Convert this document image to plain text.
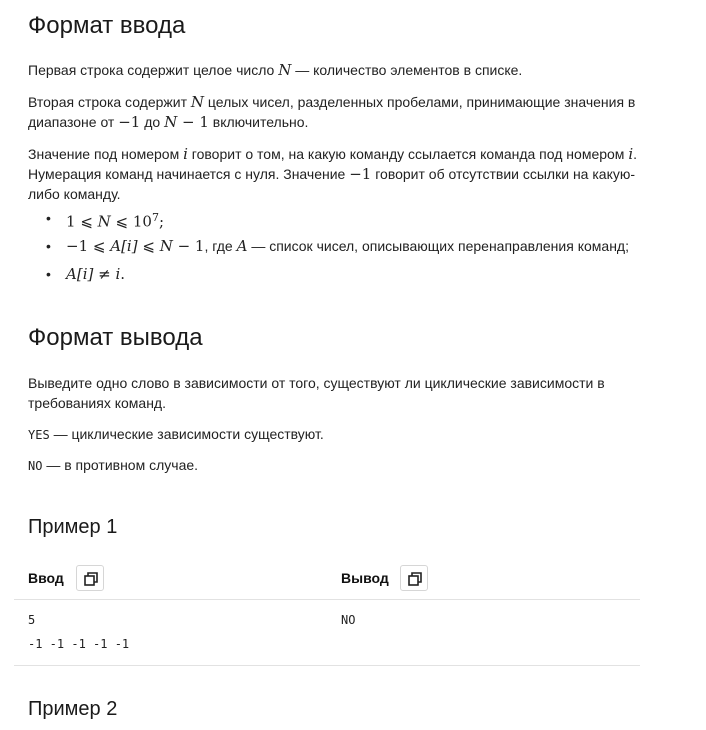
Формат ввода

Первая строка содержит целое число N — количество элементов в списке.

Вторая строка содержит N целых чисел, разделенных пробелами, принимающие значения в
диапазоне от −1 до N − 1 включительно.

Значение под номером i говорит о том, на какую команду ссылается команда под номером i.
Нумерация команд начинается с нуля. Значение −1 говорит об отсутствии ссылки на какую-
либо команду.

• 1 ⩽ N ⩽ $10^7$;
• −1 ⩽ A[i] ⩽ N − 1, где A — список чисел, описывающих перенаправления команд;
• A[i] ≠ i.
Формат вывода

Выведите одно слово в зависимости от того, существуют ли циклические зависимости в
требованиях команд.

YES — циклические зависимости существуют.

NO — в противном случае.

Пример 1
Ввод	Вывод
5
-1 -1 -1 -1 -1
NO
Пример 2
